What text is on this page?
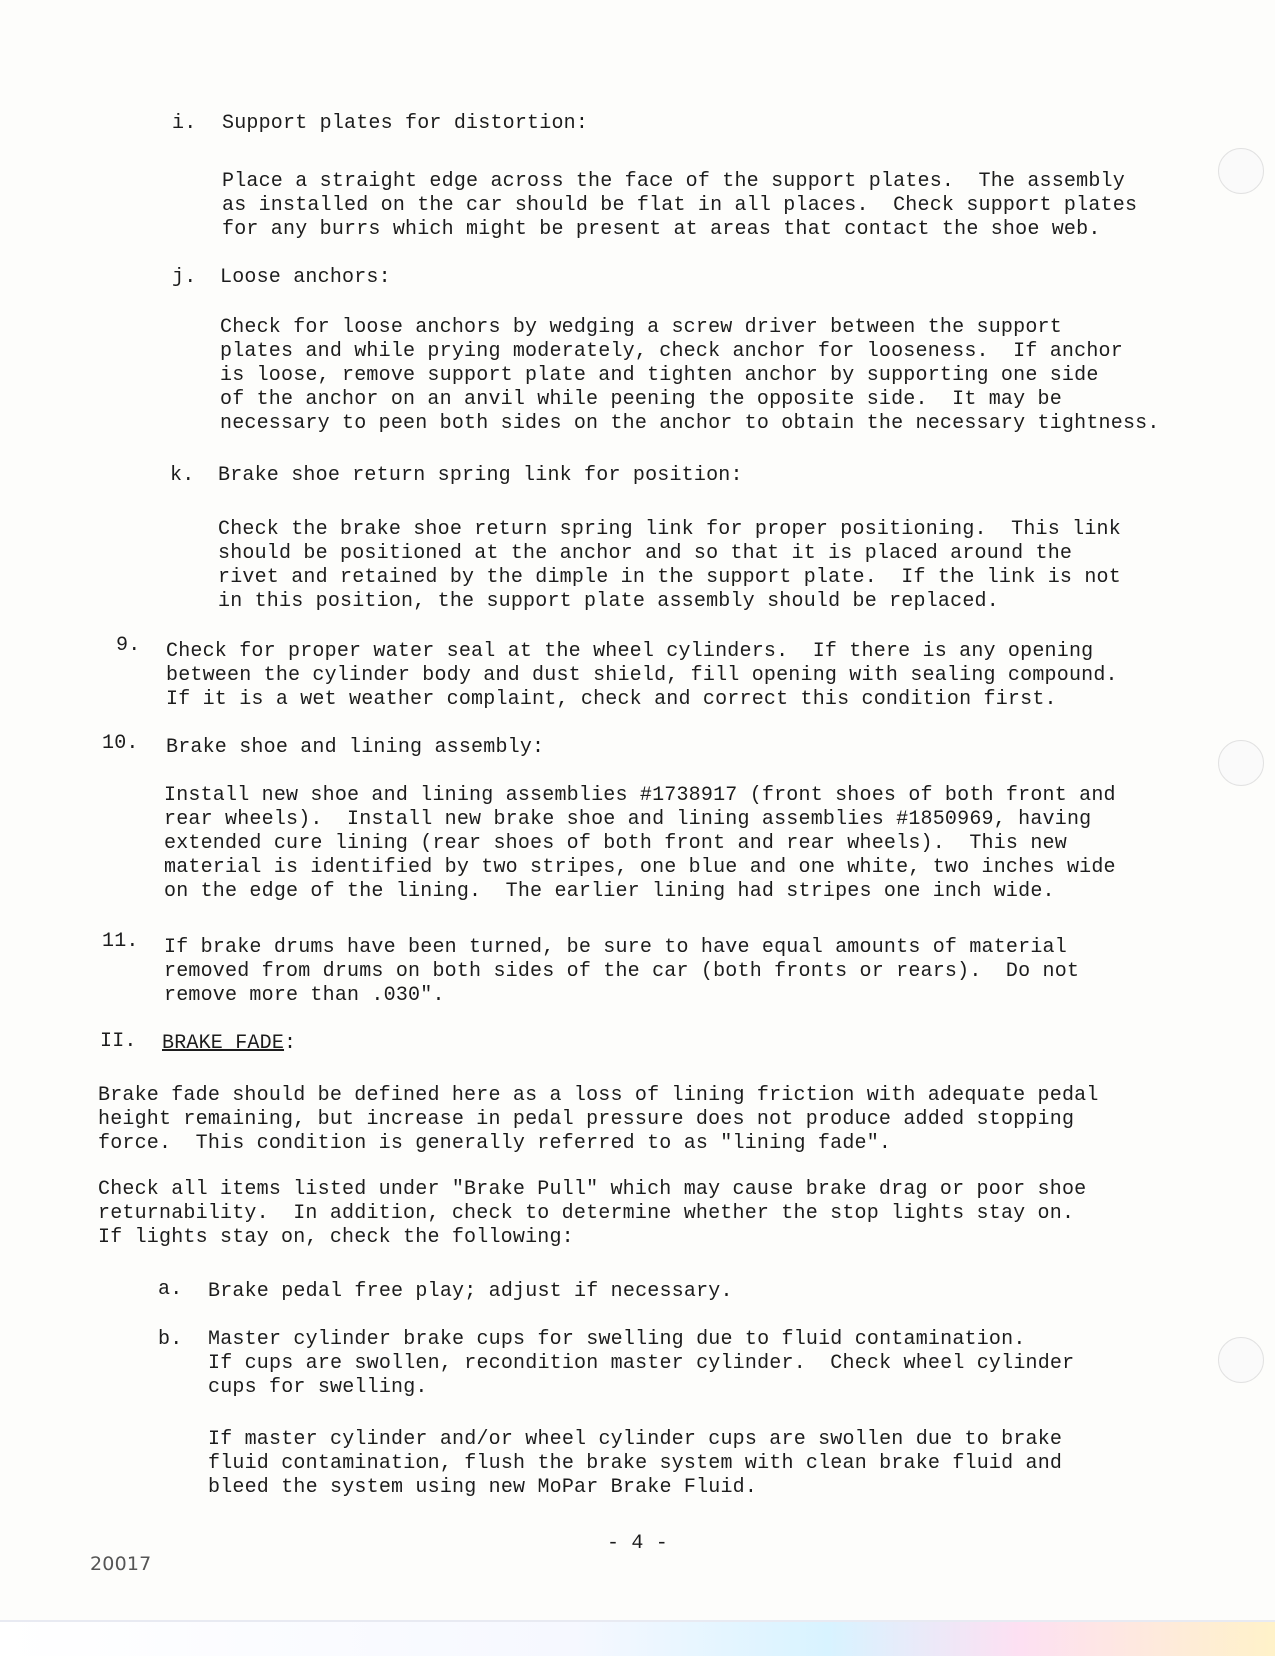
i. Support plates for distortion:
Place a straight edge across the face of the support plates.  The assembly
as installed on the car should be flat in all places.  Check support plates
for any burrs which might be present at areas that contact the shoe web.
j. Loose anchors:
Check for loose anchors by wedging a screw driver between the support
plates and while prying moderately, check anchor for looseness.  If anchor
is loose, remove support plate and tighten anchor by supporting one side
of the anchor on an anvil while peening the opposite side.  It may be
necessary to peen both sides on the anchor to obtain the necessary tightness.
k. Brake shoe return spring link for position:
Check the brake shoe return spring link for proper positioning.  This link
should be positioned at the anchor and so that it is placed around the
rivet and retained by the dimple in the support plate.  If the link is not
in this position, the support plate assembly should be replaced.
9. Check for proper water seal at the wheel cylinders.  If there is any opening
between the cylinder body and dust shield, fill opening with sealing compound.
If it is a wet weather complaint, check and correct this condition first.
10. Brake shoe and lining assembly:
Install new shoe and lining assemblies #1738917 (front shoes of both front and
rear wheels).  Install new brake shoe and lining assemblies #1850969, having
extended cure lining (rear shoes of both front and rear wheels).  This new
material is identified by two stripes, one blue and one white, two inches wide
on the edge of the lining.  The earlier lining had stripes one inch wide.
11. If brake drums have been turned, be sure to have equal amounts of material
removed from drums on both sides of the car (both fronts or rears).  Do not
remove more than .030".
II. BRAKE FADE:
Brake fade should be defined here as a loss of lining friction with adequate pedal
height remaining, but increase in pedal pressure does not produce added stopping
force.  This condition is generally referred to as "lining fade".
Check all items listed under "Brake Pull" which may cause brake drag or poor shoe
returnability.  In addition, check to determine whether the stop lights stay on.
If lights stay on, check the following:
a. Brake pedal free play; adjust if necessary.
b. Master cylinder brake cups for swelling due to fluid contamination.
If cups are swollen, recondition master cylinder.  Check wheel cylinder
cups for swelling.
If master cylinder and/or wheel cylinder cups are swollen due to brake
fluid contamination, flush the brake system with clean brake fluid and
bleed the system using new MoPar Brake Fluid.
- 4 -
20017
